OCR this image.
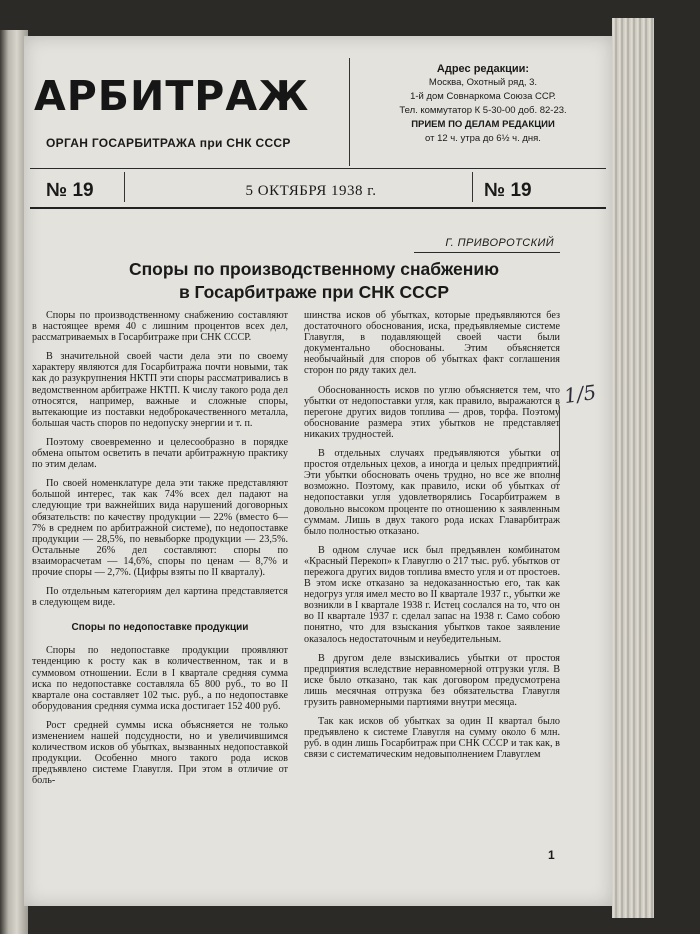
АРБИТРАЖ
ОРГАН ГОСАРБИТРАЖА при СНК СССР
Адрес редакции:
Москва, Охотный ряд, 3.
1-й дом Совнаркома Союза ССР.
Тел. коммутатор К 5-30-00 доб. 82-23.
ПРИЕМ ПО ДЕЛАМ РЕДАКЦИИ
от 12 ч. утра до 6½ ч. дня.
№ 19	5 ОКТЯБРЯ 1938 г.	№ 19
Г. ПРИВОРОТСКИЙ
Споры по производственному снабжению
в Госарбитраже при СНК СССР

Споры по производственному снабжению составляют в настоящее время 40 с лишним процентов всех дел, рассматриваемых в Госарбитраже при СНК СССР.

В значительной своей части дела эти по своему характеру являются для Госарбитража почти новыми, так как до разукрупнения НКТП эти споры рассматривались в ведомственном арбитраже НКТП. К числу такого рода дел относятся, например, важные и сложные споры, вытекающие из поставки недоброкачественного металла, большая часть споров по недопуску энергии и т. п.

Поэтому своевременно и целесообразно в порядке обмена опытом осветить в печати арбитражную практику по этим делам.

По своей номенклатуре дела эти также представляют большой интерес, так как 74% всех дел падают на следующие три важнейших вида нарушений договорных обязательств: по качеству продукции — 22% (вместо 6—7% в среднем по арбитражной системе), по недопоставке продукции — 28,5%, по невыборке продукции — 23,5%. Остальные 26% дел составляют: споры по взаиморасчетам — 14,6%, споры по ценам — 8,7% и прочие споры — 2,7%. (Цифры взяты по II кварталу).

По отдельным категориям дел картина представляется в следующем виде.

Споры по недопоставке продукции

Споры по недопоставке продукции проявляют тенденцию к росту как в количественном, так и в суммовом отношении. Если в I квартале средняя сумма иска по недопоставке составляла 65 800 руб., то во II квартале она составляет 102 тыс. руб., а по недопоставке оборудования средняя сумма иска достигает 152 400 руб.

Рост средней суммы иска объясняется не только изменением нашей подсудности, но и увеличившимся количеством исков об убытках, вызванных недопоставкой продукции. Особенно много такого рода исков предъявлено системе Главугля. При этом в отличие от боль-

шинства исков об убытках, которые предъявляются без достаточного обоснования, иска, предъявляемые системе Главугля, в подавляющей своей части были документально обоснованы. Этим объясняется необычайный для споров об убытках факт соглашения сторон по ряду таких дел.

Обоснованность исков по углю объясняется тем, что убытки от недопоставки угля, как правило, выражаются в перегоне других видов топлива — дров, торфа. Поэтому обоснование размера этих убытков не представляет никаких трудностей.

В отдельных случаях предъявляются убытки от простоя отдельных цехов, а иногда и целых предприятий. Эти убытки обосновать очень трудно, но все же вполне возможно. Поэтому, как правило, иски об убытках от недопоставки угля удовлетворялись Госарбитражем в довольно высоком проценте по отношению к заявленным суммам. Лишь в двух такого рода исках Главарбитраж было полностью отказано.

В одном случае иск был предъявлен комбинатом «Красный Перекоп» к Главуглю о 217 тыс. руб. убытков от пережога других видов топлива вместо угля и от простоев. В этом иске отказано за недоказанностью его, так как недогруз угля имел место во II квартале 1937 г., убытки же возникли в I квартале 1938 г. Истец сослался на то, что он во II квартале 1937 г. сделал запас на 1938 г. Само собою понятно, что для взыскания убытков такое заявление оказалось недостаточным и неубедительным.

В другом деле взыскивались убытки от простоя предприятия вследствие неравномерной отгрузки угля. В иске было отказано, так как договором предусмотрена лишь месячная отгрузка без обязательства Главугля грузить равномерными партиями внутри месяца.

Так как исков об убытках за один II квартал было предъявлено к системе Главугля на сумму около 6 млн. руб. в один лишь Госарбитраж при СНК СССР и так как, в связи с систематическим недовыполнением Главуглем

1/5
1
